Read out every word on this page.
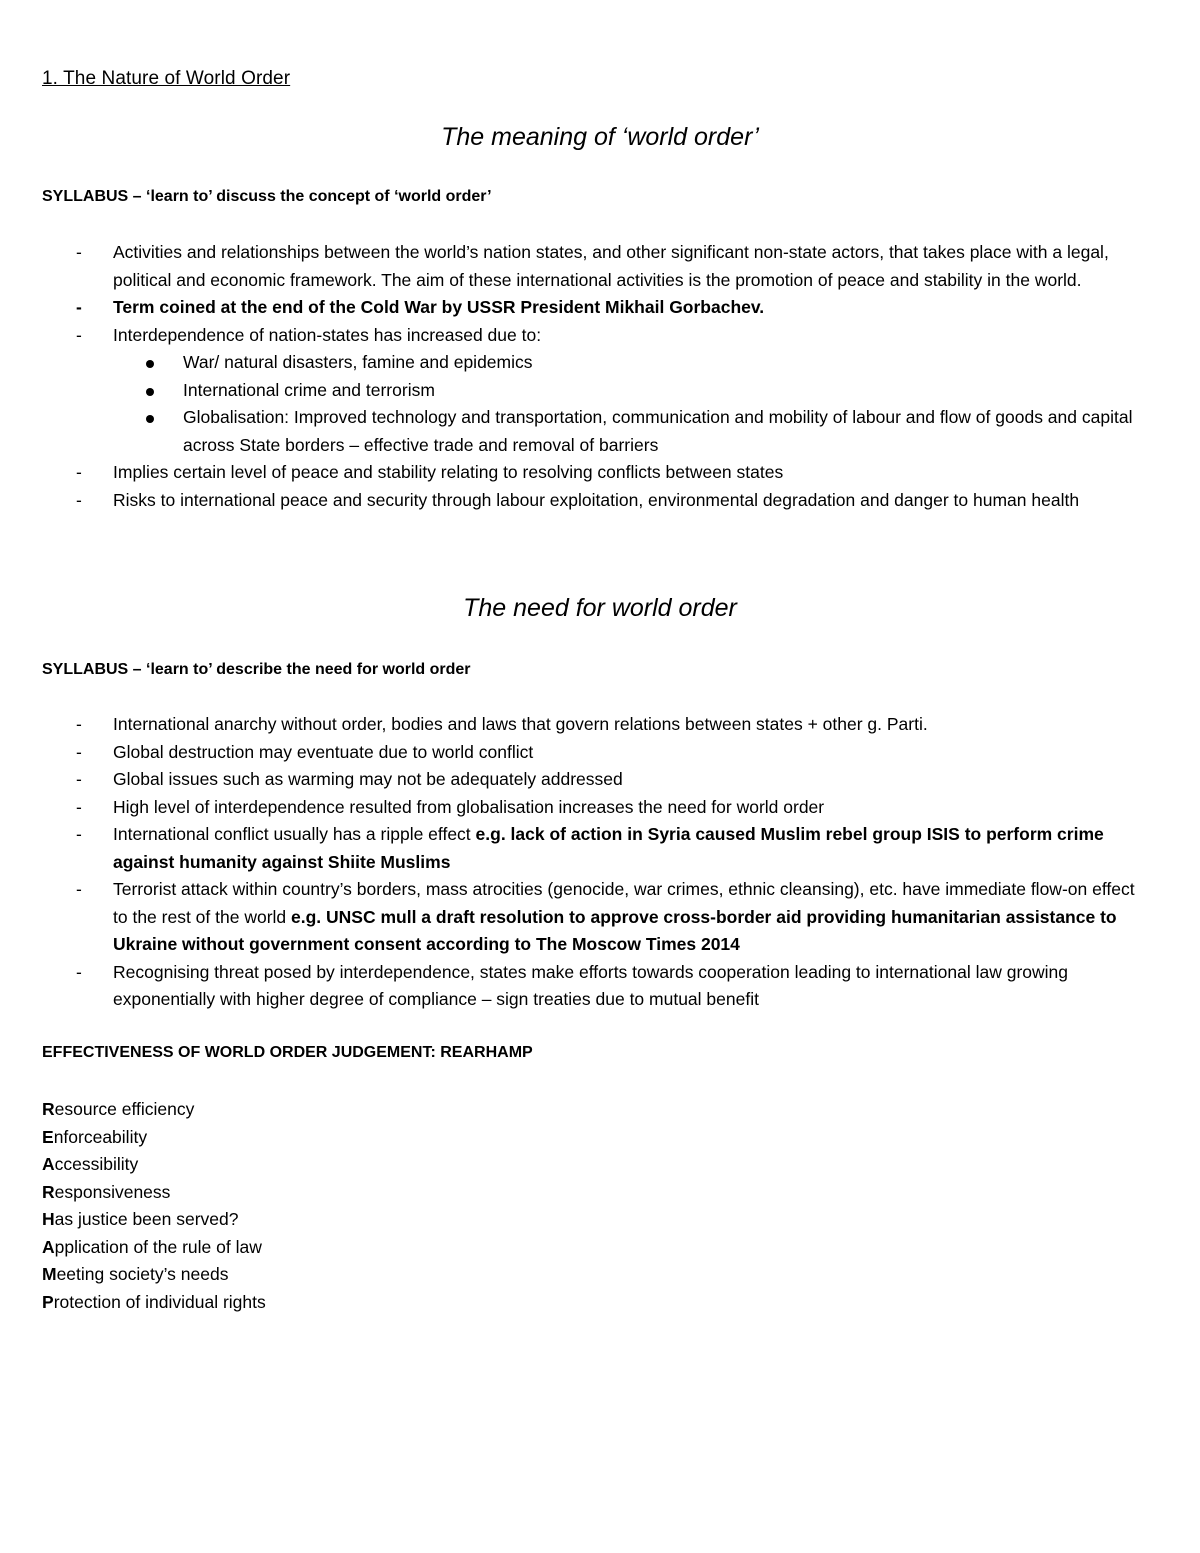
1. The Nature of World Order
The meaning of ‘world order’
SYLLABUS – ‘learn to’ discuss the concept of ‘world order’
- Activities and relationships between the world’s nation states, and other significant non-state actors, that takes place with a legal, political and economic framework. The aim of these international activities is the promotion of peace and stability in the world.
- Term coined at the end of the Cold War by USSR President Mikhail Gorbachev.
- Interdependence of nation-states has increased due to:
War/ natural disasters, famine and epidemics
International crime and terrorism
Globalisation: Improved technology and transportation, communication and mobility of labour and flow of goods and capital across State borders – effective trade and removal of barriers
- Implies certain level of peace and stability relating to resolving conflicts between states
- Risks to international peace and security through labour exploitation, environmental degradation and danger to human health
The need for world order
SYLLABUS – ‘learn to’ describe the need for world order
- International anarchy without order, bodies and laws that govern relations between states + other g. Parti.
- Global destruction may eventuate due to world conflict
- Global issues such as warming may not be adequately addressed
- High level of interdependence resulted from globalisation increases the need for world order
- International conflict usually has a ripple effect e.g. lack of action in Syria caused Muslim rebel group ISIS to perform crime against humanity against Shiite Muslims
- Terrorist attack within country’s borders, mass atrocities (genocide, war crimes, ethnic cleansing), etc. have immediate flow-on effect to the rest of the world e.g. UNSC mull a draft resolution to approve cross-border aid providing humanitarian assistance to Ukraine without government consent according to The Moscow Times 2014
- Recognising threat posed by interdependence, states make efforts towards cooperation leading to international law growing exponentially with higher degree of compliance – sign treaties due to mutual benefit
EFFECTIVENESS OF WORLD ORDER JUDGEMENT: REARHAMP
Resource efficiency
Enforceability
Accessibility
Responsiveness
Has justice been served?
Application of the rule of law
Meeting society’s needs
Protection of individual rights
